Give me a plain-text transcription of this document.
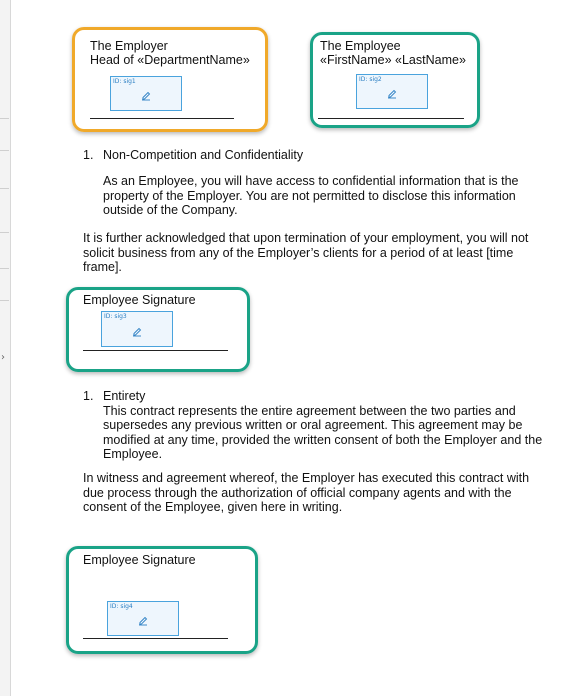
›
The Employer
Head of «DepartmentName»
ID: sig1
The Employee
«FirstName» «LastName»
ID: sig2
1. Non-Competition and Confidentiality
As an Employee, you will have access to confidential information that is the property of the Employer. You are not permitted to disclose this information outside of the Company.
It is further acknowledged that upon termination of your employment, you will not solicit business from any of the Employer’s clients for a period of at least [time frame].
Employee Signature
ID: sig3
1. Entirety
This contract represents the entire agreement between the two parties and supersedes any previous written or oral agreement. This agreement may be modified at any time, provided the written consent of both the Employer and the Employee.
In witness and agreement whereof, the Employer has executed this contract with due process through the authorization of official company agents and with the consent of the Employee, given here in writing.
Employee Signature
ID: sig4
